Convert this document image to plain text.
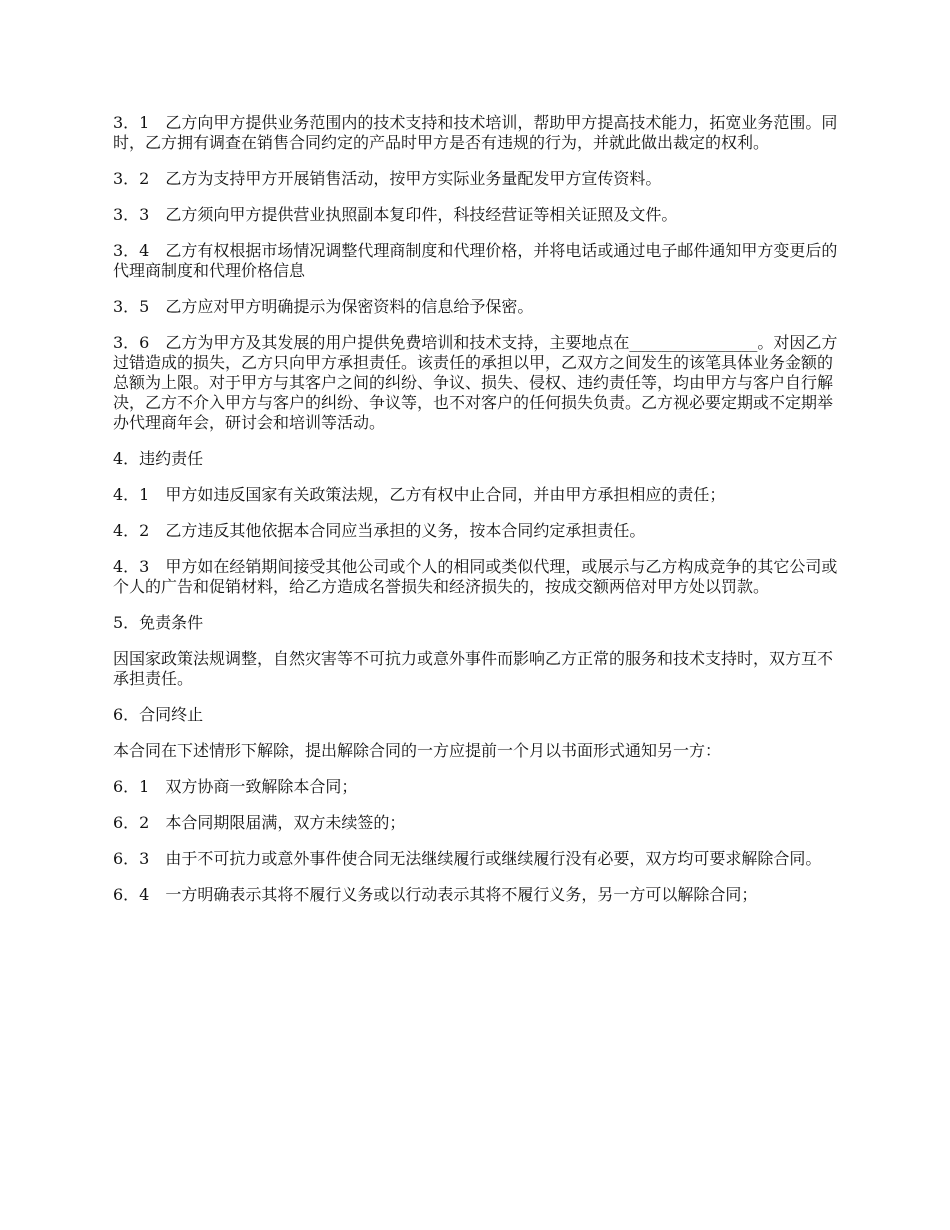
3．1　乙方向甲方提供业务范围内的技术支持和技术培训，帮助甲方提高技术能力，拓宽业务范围。同时，乙方拥有调查在销售合同约定的产品时甲方是否有违规的行为，并就此做出裁定的权利。

3．2　乙方为支持甲方开展销售活动，按甲方实际业务量配发甲方宣传资料。

3．3　乙方须向甲方提供营业执照副本复印件，科技经营证等相关证照及文件。

3．4　乙方有权根据市场情况调整代理商制度和代理价格，并将电话或通过电子邮件通知甲方变更后的代理商制度和代理价格信息

3．5　乙方应对甲方明确提示为保密资料的信息给予保密。

3．6　乙方为甲方及其发展的用户提供免费培训和技术支持，主要地点在________________。对因乙方过错造成的损失，乙方只向甲方承担责任。该责任的承担以甲，乙双方之间发生的该笔具体业务金额的总额为上限。对于甲方与其客户之间的纠纷、争议、损失、侵权、违约责任等，均由甲方与客户自行解决，乙方不介入甲方与客户的纠纷、争议等，也不对客户的任何损失负责。乙方视必要定期或不定期举办代理商年会，研讨会和培训等活动。

4．违约责任

4．1　甲方如违反国家有关政策法规，乙方有权中止合同，并由甲方承担相应的责任；

4．2　乙方违反其他依据本合同应当承担的义务，按本合同约定承担责任。

4．3　甲方如在经销期间接受其他公司或个人的相同或类似代理，或展示与乙方构成竞争的其它公司或个人的广告和促销材料，给乙方造成名誉损失和经济损失的，按成交额两倍对甲方处以罚款。

5．免责条件

因国家政策法规调整，自然灾害等不可抗力或意外事件而影响乙方正常的服务和技术支持时，双方互不承担责任。

6．合同终止

本合同在下述情形下解除，提出解除合同的一方应提前一个月以书面形式通知另一方：

6．1　双方协商一致解除本合同；

6．2　本合同期限届满，双方未续签的；

6．3　由于不可抗力或意外事件使合同无法继续履行或继续履行没有必要，双方均可要求解除合同。

6．4　一方明确表示其将不履行义务或以行动表示其将不履行义务，另一方可以解除合同；
